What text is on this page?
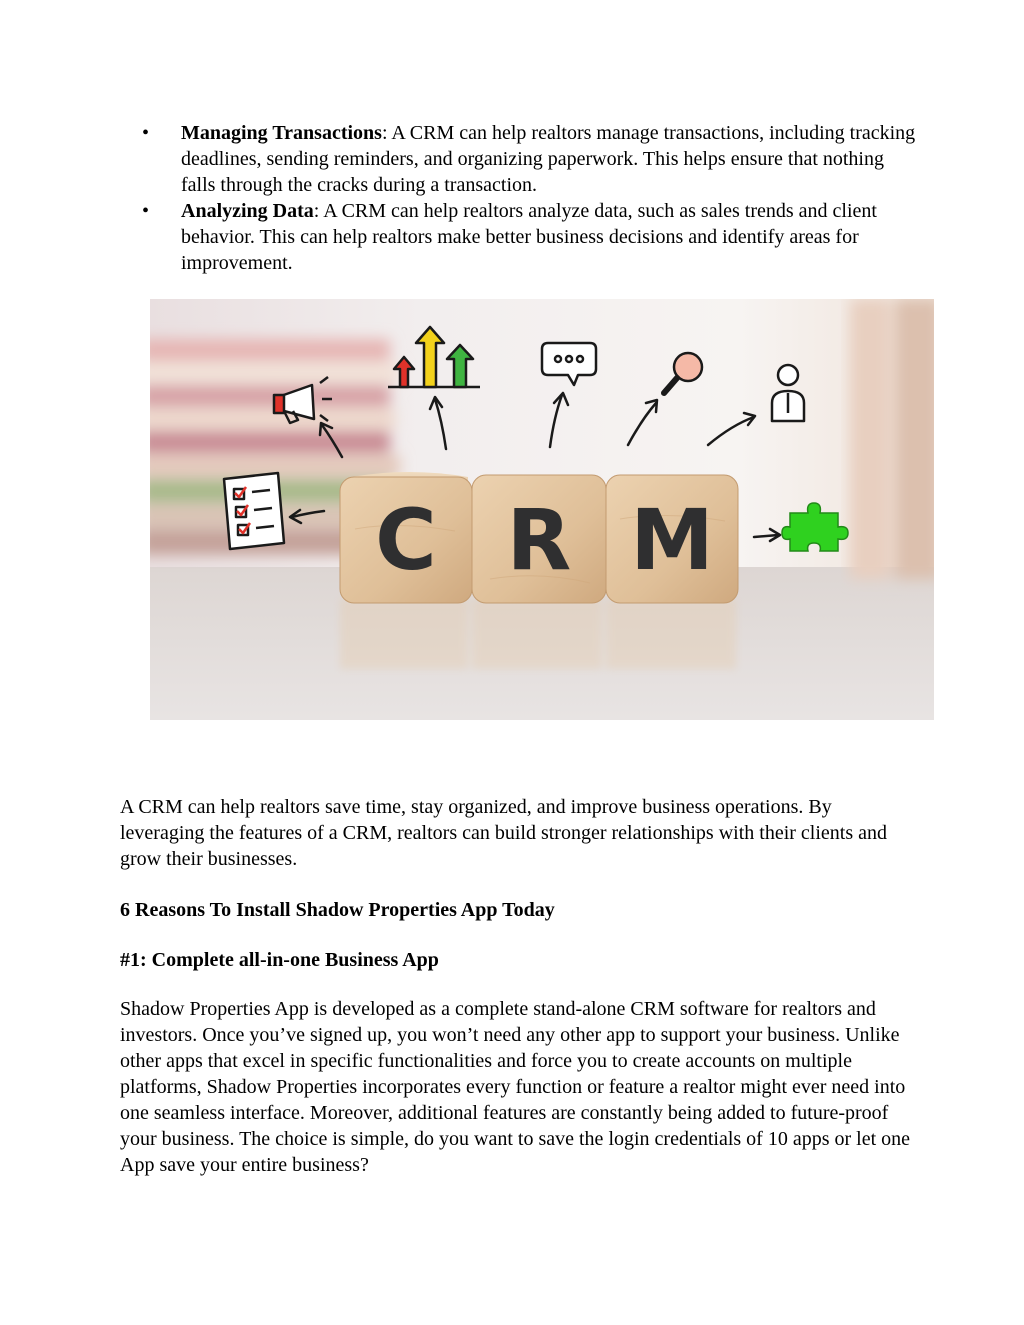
• Managing Transactions: A CRM can help realtors manage transactions, including tracking deadlines, sending reminders, and organizing paperwork. This helps ensure that nothing falls through the cracks during a transaction.
• Analyzing Data: A CRM can help realtors analyze data, such as sales trends and client behavior. This can help realtors make better business decisions and identify areas for improvement.
C R M

A CRM can help realtors save time, stay organized, and improve business operations. By leveraging the features of a CRM, realtors can build stronger relationships with their clients and grow their businesses.

6 Reasons To Install Shadow Properties App Today

#1: Complete all-in-one Business App

Shadow Properties App is developed as a complete stand-alone CRM software for realtors and investors. Once you’ve signed up, you won’t need any other app to support your business. Unlike other apps that excel in specific functionalities and force you to create accounts on multiple platforms, Shadow Properties incorporates every function or feature a realtor might ever need into one seamless interface. Moreover, additional features are constantly being added to future-proof your business. The choice is simple, do you want to save the login credentials of 10 apps or let one App save your entire business?
